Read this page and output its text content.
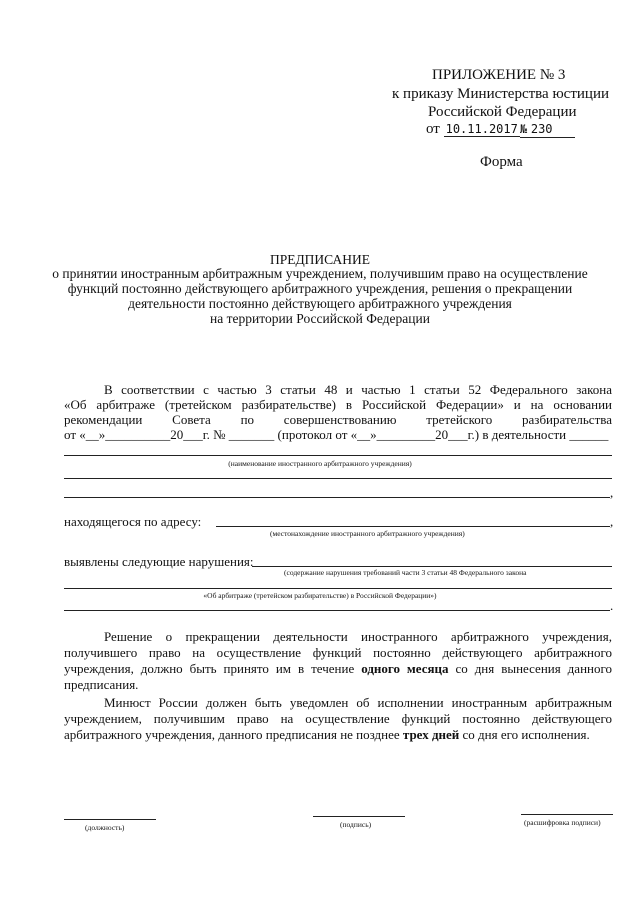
ПРИЛОЖЕНИЕ № 3
к приказу Министерства юстиции
Российской Федерации
от 10.11.2017 № 230
Форма
ПРЕДПИСАНИЕ
о принятии иностранным арбитражным учреждением, получившим право на осуществление
функций постоянно действующего арбитражного учреждения, решения о прекращении
деятельности постоянно действующего арбитражного учреждения
на территории Российской Федерации
В соответствии с частью 3 статьи 48 и частью 1 статьи 52 Федерального закона
«Об арбитраже (третейском разбирательстве) в Российской Федерации» и на основании
рекомендации Совета по совершенствованию третейского разбирательства
от «__»__________20___г. № _______ (протокол от «__»_________20___г.) в деятельности ______
(наименование иностранного арбитражного учреждения)
,
находящегося по адресу:	,
(местонахождение иностранного арбитражного учреждения)
выявлены следующие нарушения:
(содержание нарушения требований части 3 статьи 48 Федерального закона
«Об арбитраже (третейском разбирательстве) в Российской Федерации»)
.
Решение о прекращении деятельности иностранного арбитражного учреждения, получившего право на осуществление функций постоянно действующего арбитражного учреждения, должно быть принято им в течение одного месяца со дня вынесения данного предписания.
Минюст России должен быть уведомлен об исполнении иностранным арбитражным учреждением, получившим право на осуществление функций постоянно действующего арбитражного учреждения, данного предписания не позднее трех дней со дня его исполнения.
(должность)	(подпись)	(расшифровка подписи)
